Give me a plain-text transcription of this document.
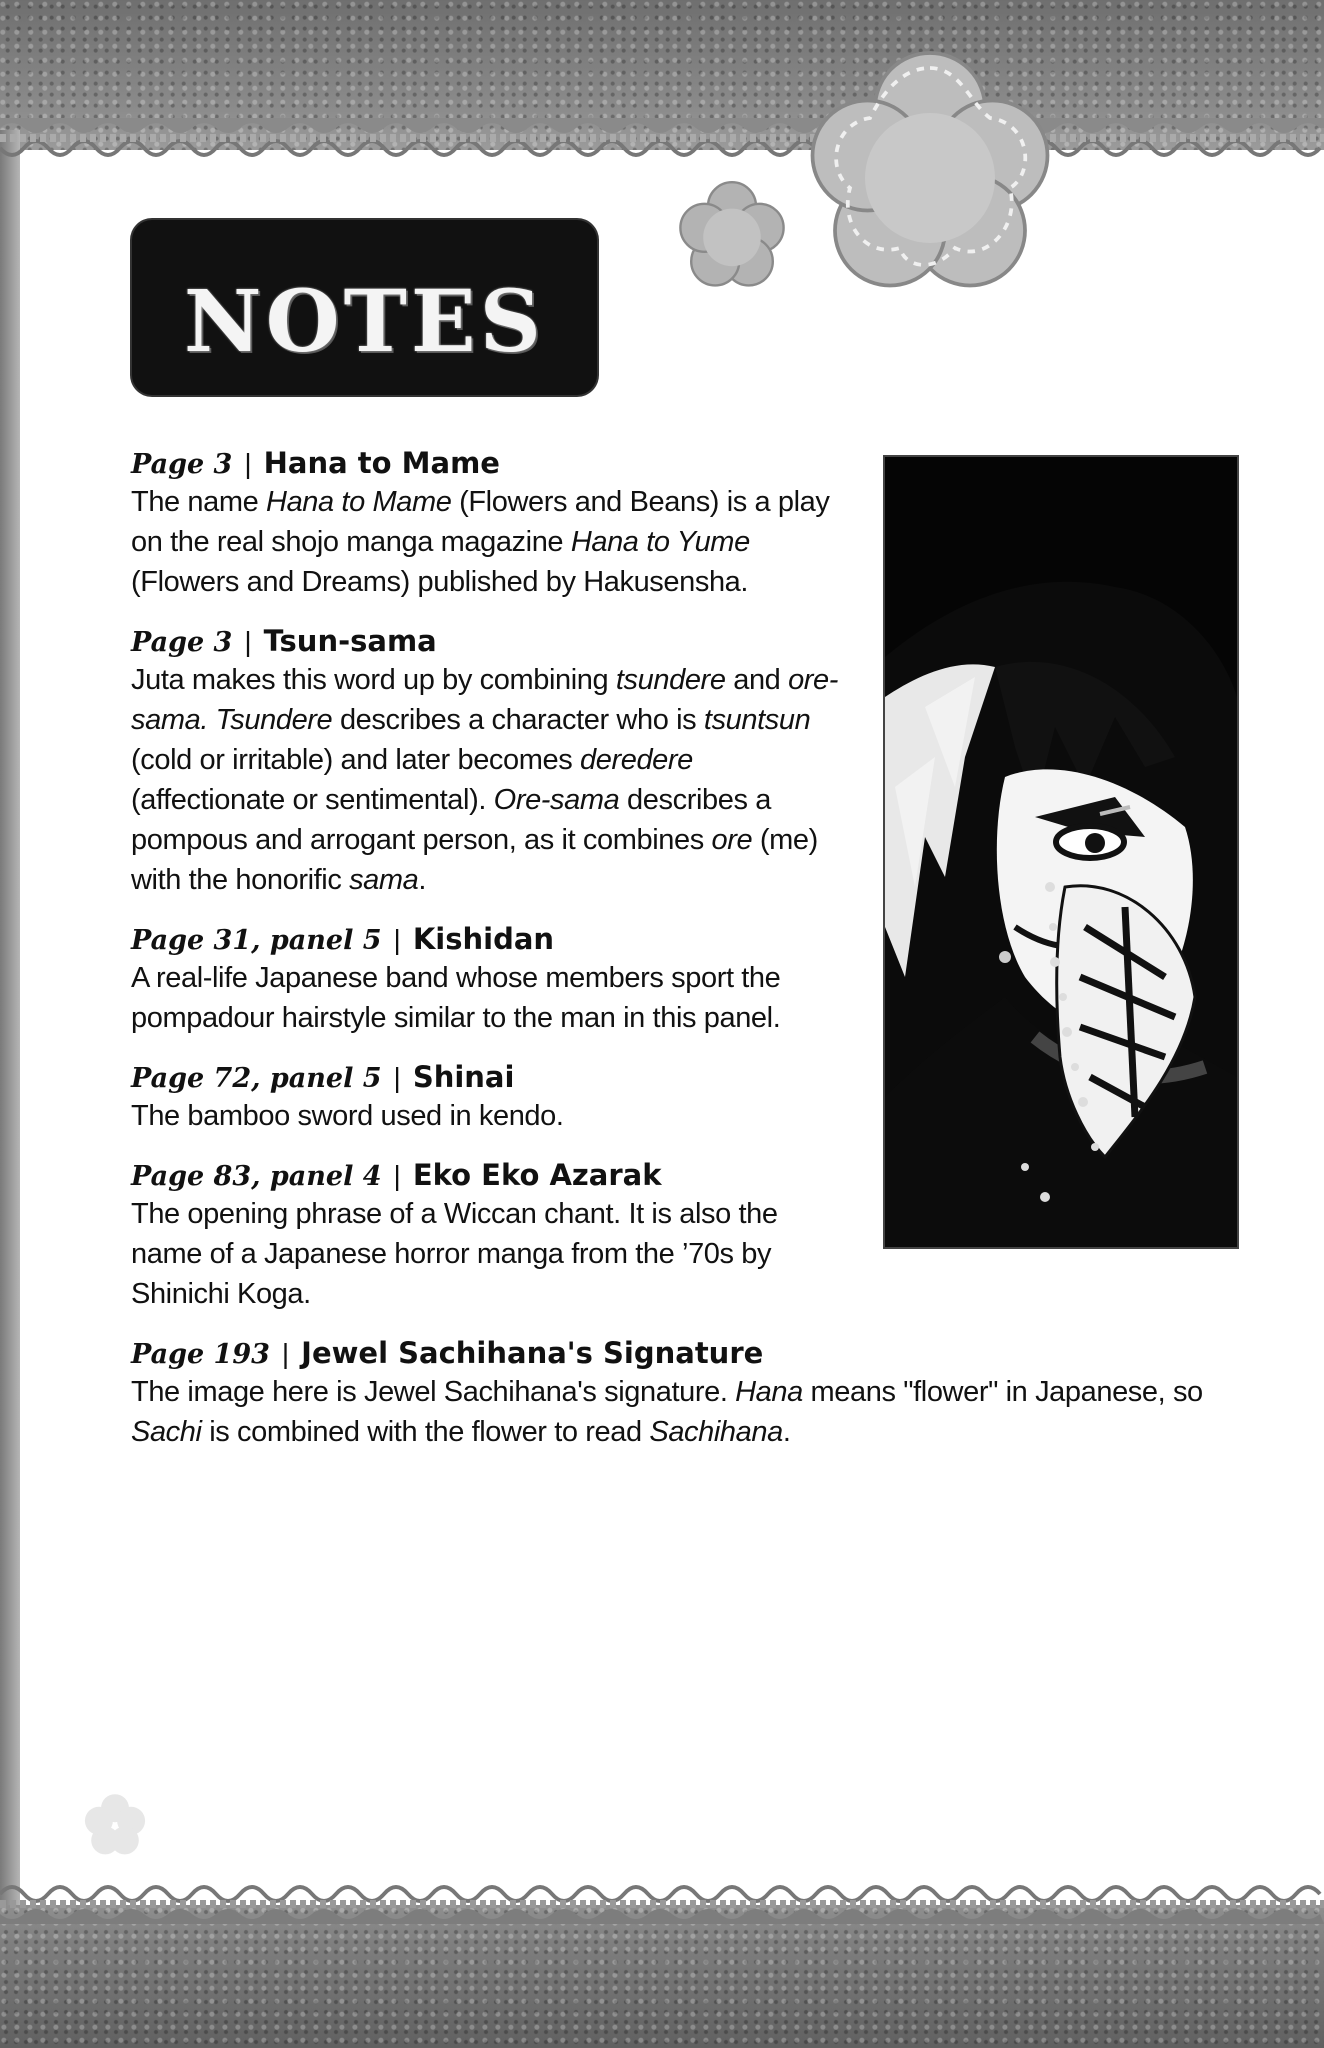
notes
Page 3 | Hana to Mame
The name Hana to Mame (Flowers and Beans) is a play on the real shojo manga magazine Hana to Yume (Flowers and Dreams) published by Hakusensha.
Page 3 | Tsun-sama
Juta makes this word up by combining tsundere and ore-sama. Tsundere describes a character who is tsuntsun (cold or irritable) and later becomes deredere (affectionate or sentimental). Ore-sama describes a pompous and arrogant person, as it combines ore (me) with the honorific sama.
Page 31, panel 5 | Kishidan
A real-life Japanese band whose members sport the pompadour hairstyle similar to the man in this panel.
Page 72, panel 5 | Shinai
The bamboo sword used in kendo.
Page 83, panel 4 | Eko Eko Azarak
The opening phrase of a Wiccan chant. It is also the name of a Japanese horror manga from the ’70s by Shinichi Koga.
Page 193 | Jewel Sachihana's Signature
The image here is Jewel Sachihana's signature. Hana means "flower" in Japanese, so Sachi is combined with the flower to read Sachihana.
